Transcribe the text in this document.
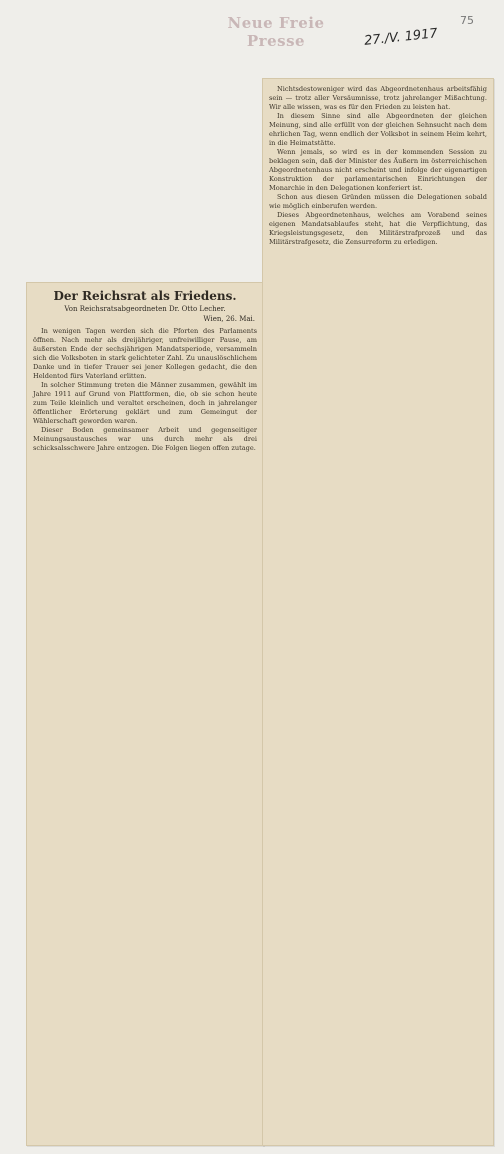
Neue Freie Presse	27./V. 1917
75
Der Reichsrat als Friedens.
Von Reichsratsabgeordneten Dr. Otto Lecher.
Wien, 26. Mai.

In wenigen Tagen werden sich die Pforten des Parlaments öffnen. Nach mehr als dreijähriger, unfreiwilliger Pause, am äußersten Ende der sechsjährigen Mandatsperiode, versammeln sich die Volksboten in stark gelichteter Zahl. Zu unauslöschlichem Danke und in tiefer Trauer sei jener Kollegen gedacht, die den Heldentod fürs Vaterland erlitten.

In solcher Stimmung treten die Männer zusammen, gewählt im Jahre 1911 auf Grund von Plattformen, die, ob sie schon heute zum Teile kleinlich und veraltet erscheinen, doch in jahrelanger öffentlicher Erörterung geklärt und zum Gemeingut der Wählerschaft geworden waren.

Dieser Boden gemeinsamer Arbeit und gegenseitiger Meinungsaustausches war uns durch mehr als drei schicksalsschwere Jahre entzogen. Die Folgen liegen offen zutage.

Nichtsdestoweniger wird das Abgeordnetenhaus arbeitsfähig sein — trotz aller Versäumnisse, trotz jahrelanger Mißachtung. Wir alle wissen, was es für den Frieden zu leisten hat.

In diesem Sinne sind alle Abgeordneten der gleichen Meinung, sind alle erfüllt von der gleichen Sehnsucht nach dem ehrlichen Tag, wenn endlich der Volksbot in seinem Heim kehrt, in die Heimatstätte.

Wenn jemals, so wird es in der kommenden Session zu beklagen sein, daß der Minister des Äußern im österreichischen Abgeordnetenhaus nicht erscheint und infolge der eigenartigen Konstruktion der parlamentarischen Einrichtungen der Monarchie in den Delegationen konferiert ist.

Schon aus diesen Gründen müssen die Delegationen sobald wie möglich einberufen werden.

Dieses Abgeordnetenhaus, welches am Vorabend seines eigenen Mandatsablaufes steht, hat die Verpflichtung, das Kriegsleistungsgesetz, den Militärstrafprozeß und das Militärstrafgesetz, die Zensurreform zu erledigen.
